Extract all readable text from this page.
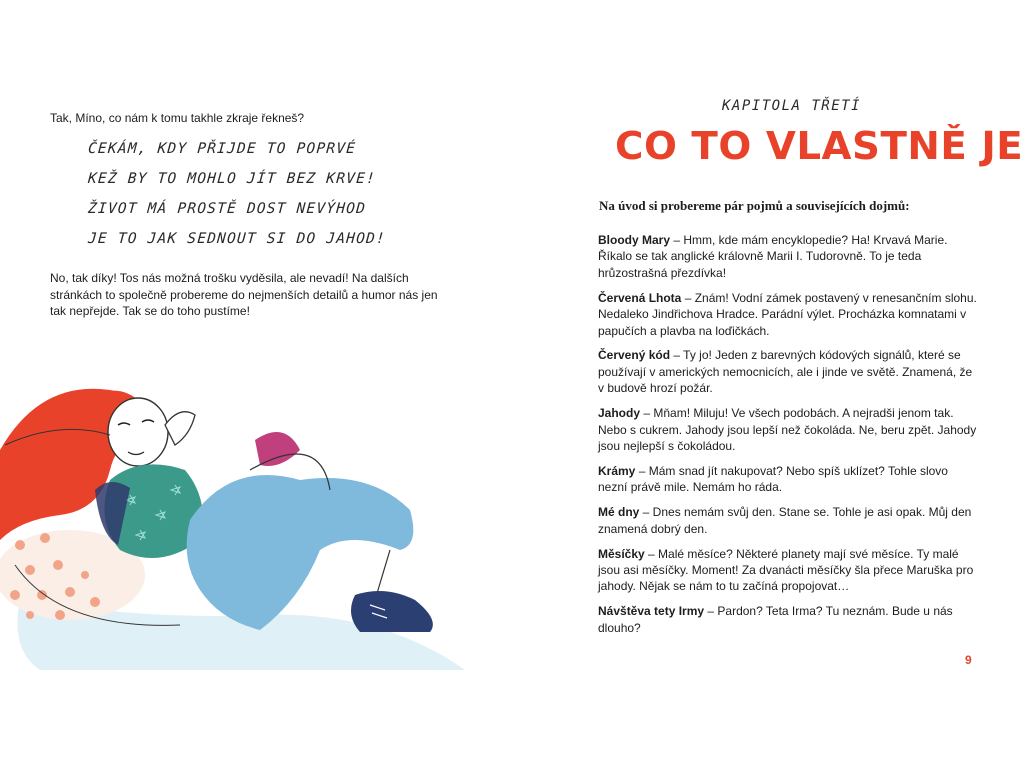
Tak, Míno, co nám k tomu takhle zkraje řekneš?

ČEKÁM, KDY PŘIJDE TO POPRVÉ
KEŽ BY TO MOHLO JÍT BEZ KRVE!
ŽIVOT MÁ PROSTĚ DOST NEVÝHOD
JE TO JAK SEDNOUT SI DO JAHOD!

No, tak díky! Tos nás možná trošku vyděsila, ale nevadí! Na dalších stránkách to společně probereme do nejmenších detailů a humor nás jen tak nepřejde. Tak se do toho pustíme!

KAPITOLA TŘETÍ
CO TO VLASTNĚ JE

Na úvod si probereme pár pojmů a souvisejících dojmů:

Bloody Mary – Hmm, kde mám encyklopedie? Ha! Krvavá Marie. Říkalo se tak anglické královně Marii I. Tudorovně. To je teda hrůzostrašná přezdívka!
Červená Lhota – Znám! Vodní zámek postavený v renesančním slohu. Nedaleko Jindřichova Hradce. Parádní výlet. Procházka komnatami v papučích a plavba na loďičkách.
Červený kód – Ty jo! Jeden z barevných kódových signálů, které se používají v amerických nemocnicích, ale i jinde ve světě. Znamená, že v budově hrozí požár.
Jahody – Mňam! Miluju! Ve všech podobách. A nejradši jenom tak. Nebo s cukrem. Jahody jsou lepší než čokoláda. Ne, beru zpět. Jahody jsou nejlepší s čokoládou.
Krámy – Mám snad jít nakupovat? Nebo spíš uklízet? Tohle slovo nezní právě mile. Nemám ho ráda.
Mé dny – Dnes nemám svůj den. Stane se. Tohle je asi opak. Můj den znamená dobrý den.
Měsíčky – Malé měsíce? Některé planety mají své měsíce. Ty malé jsou asi měsíčky. Moment! Za dvanácti měsíčky šla přece Maruška pro jahody. Nějak se nám to tu začíná propojovat…
Návštěva tety Irmy – Pardon? Teta Irma? Tu neznám. Bude u nás dlouho?
9
